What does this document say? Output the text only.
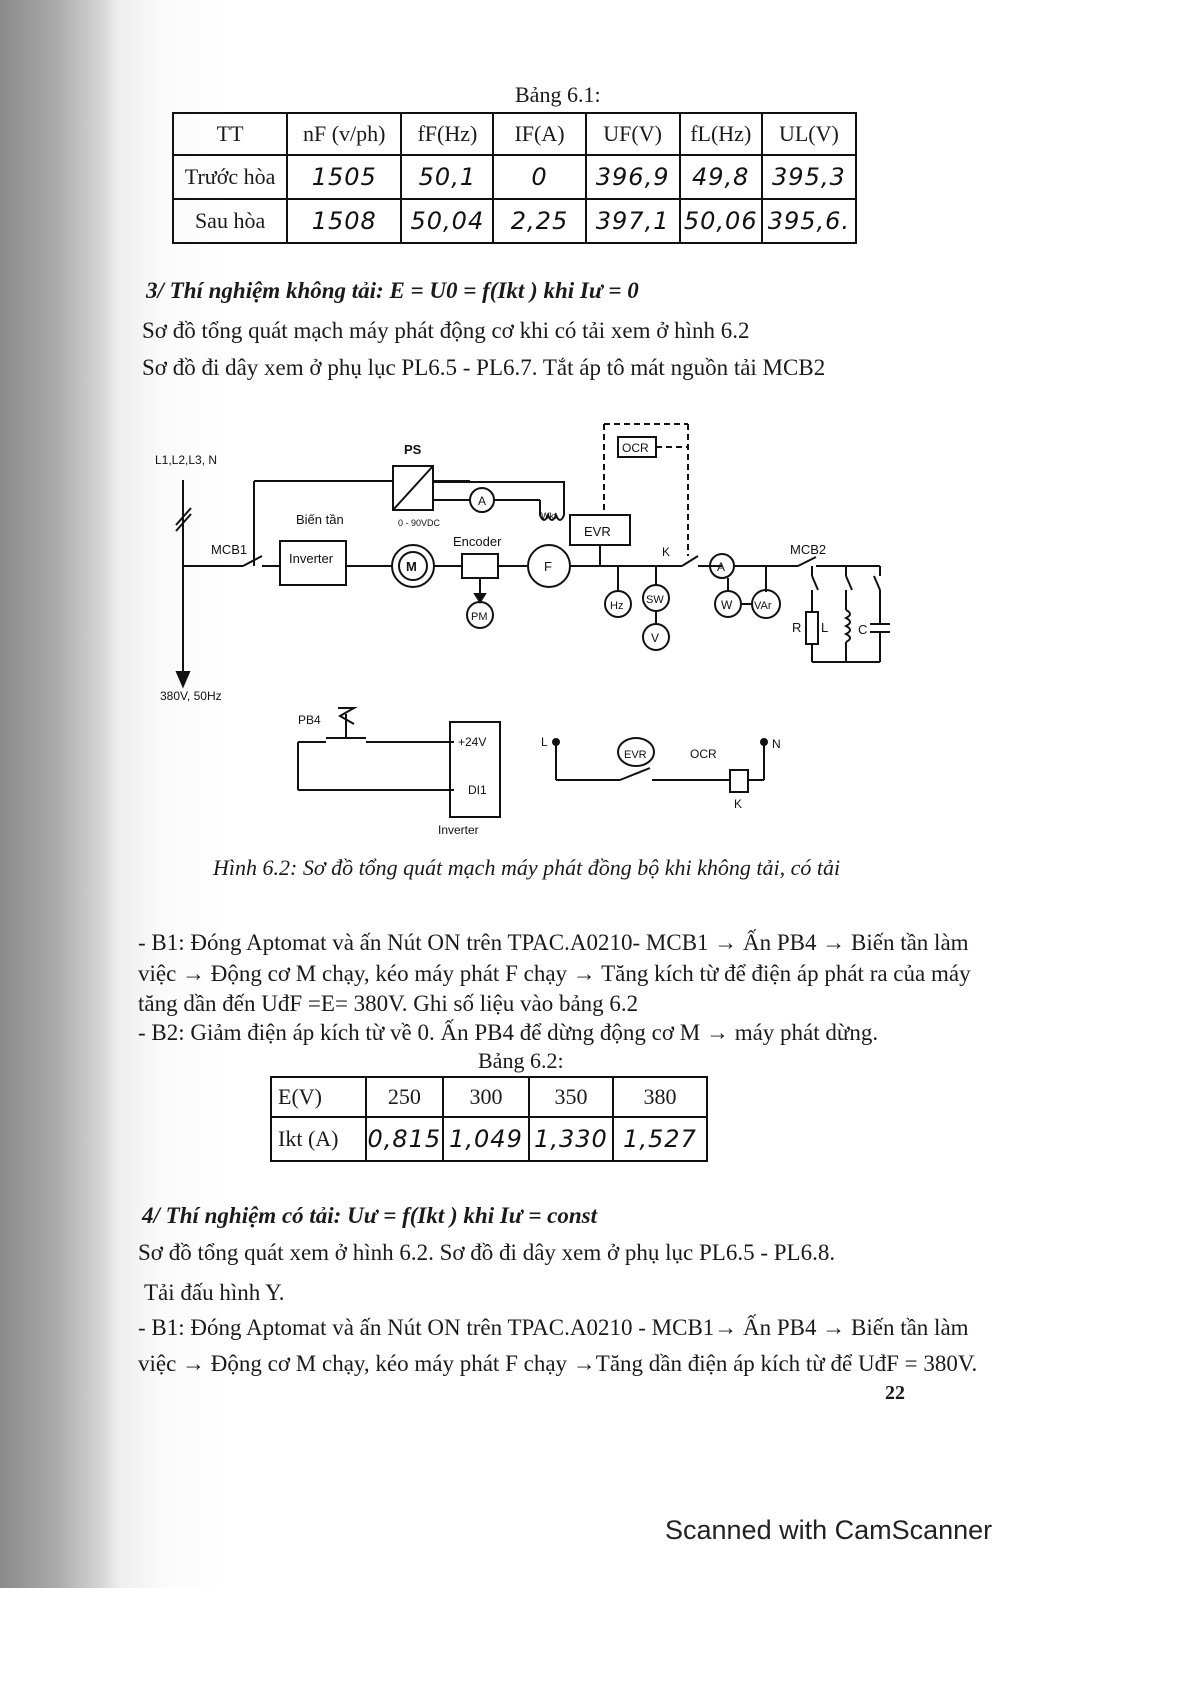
Bảng 6.1:
TT	nF (v/ph)	fF(Hz)	IF(A)	UF(V)	fL(Hz)	UL(V)
Trước hòa	1505	50,1	0	396,9	49,8	395,3
Sau hòa	1508	50,04	2,25	397,1	50,06	395,6.
3/ Thí nghiệm không tải: E = U0 = f(Ikt ) khi Iư = 0
Sơ đồ tổng quát mạch máy phát động cơ khi có tải xem ở hình 6.2
Sơ đồ đi dây xem ở phụ lục PL6.5 - PL6.7. Tắt áp tô mát nguồn tải MCB2
L1,L2,L3, N
380V, 50Hz
MCB1
Biến tần
Inverter
PS
0 - 90VDC
A
Wkt
Encoder
M	F
PM
EVR
OCR
K
Hz SW
V
A
W VAr
MCB2
R L C
PB4
+24V
DI1
Inverter
L	N
EVR	OCR
K
Hình 6.2: Sơ đồ tổng quát mạch máy phát đồng bộ khi không tải, có tải
- B1: Đóng Aptomat và ấn Nút ON trên TPAC.A0210- MCB1 → Ấn PB4 → Biến tần làm
việc → Động cơ M chạy, kéo máy phát F chạy → Tăng kích từ để điện áp phát ra của máy
tăng dần đến UđF =E= 380V. Ghi số liệu vào bảng 6.2
- B2: Giảm điện áp kích từ về 0. Ấn PB4 để dừng động cơ M → máy phát dừng.
Bảng 6.2:
E(V)	250	300	350	380
Ikt (A)	0,815	1,049	1,330	1,527
4/ Thí nghiệm có tải: Uư = f(Ikt ) khi Iư = const
Sơ đồ tổng quát xem ở hình 6.2. Sơ đồ đi dây xem ở phụ lục PL6.5 - PL6.8.
Tải đấu hình Y.
- B1: Đóng Aptomat và ấn Nút ON trên TPAC.A0210 - MCB1→ Ấn PB4 → Biến tần làm
việc → Động cơ M chạy, kéo máy phát F chạy →Tăng dần điện áp kích từ để UđF = 380V.
22
Scanned with CamScanner
